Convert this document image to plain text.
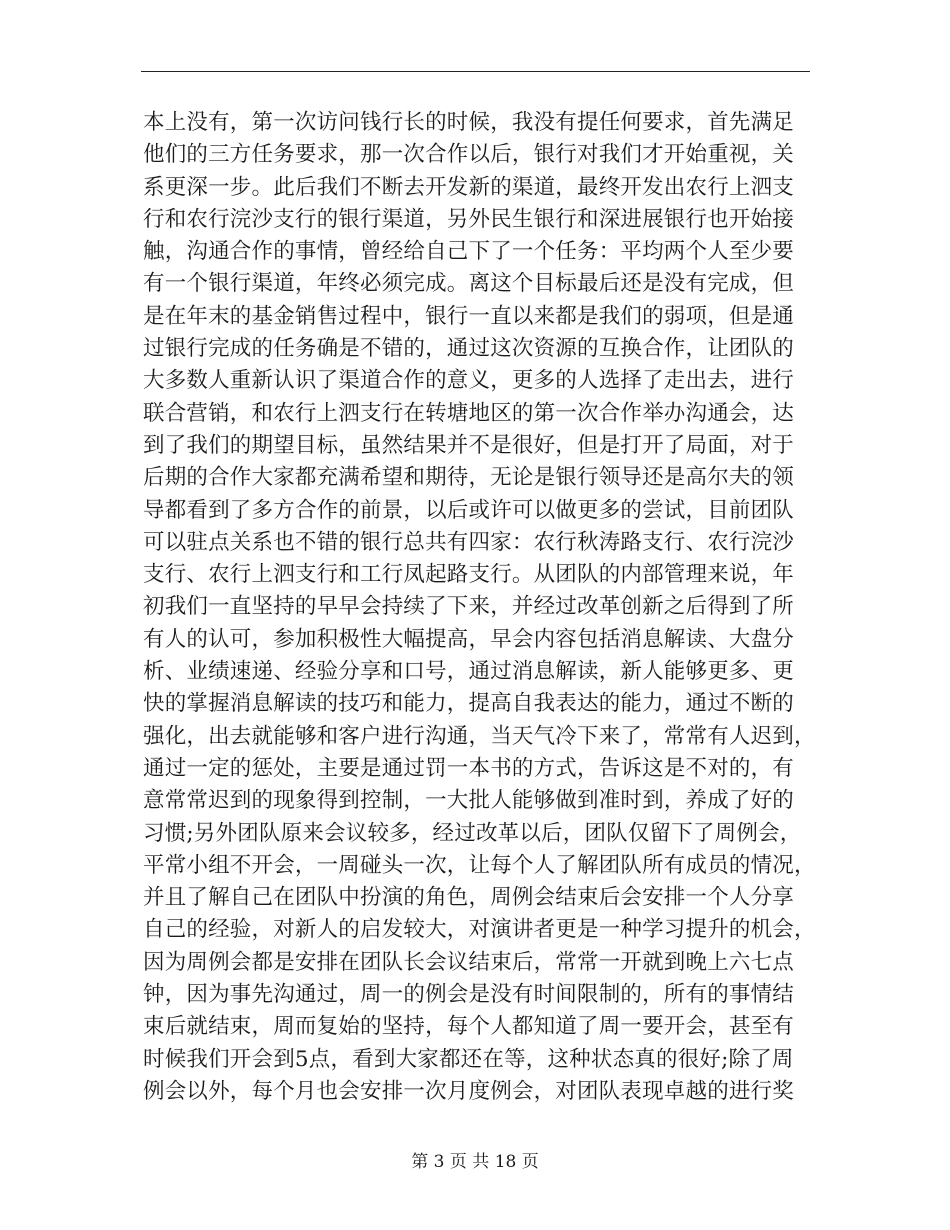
本上没有，第一次访问钱行长的时候，我没有提任何要求，首先满足
他们的三方任务要求，那一次合作以后，银行对我们才开始重视，关
系更深一步。此后我们不断去开发新的渠道，最终开发出农行上泗支
行和农行浣沙支行的银行渠道，另外民生银行和深进展银行也开始接
触，沟通合作的事情，曾经给自己下了一个任务：平均两个人至少要
有一个银行渠道，年终必须完成。离这个目标最后还是没有完成，但
是在年末的基金销售过程中，银行一直以来都是我们的弱项，但是通
过银行完成的任务确是不错的，通过这次资源的互换合作，让团队的
大多数人重新认识了渠道合作的意义，更多的人选择了走出去，进行
联合营销，和农行上泗支行在转塘地区的第一次合作举办沟通会，达
到了我们的期望目标，虽然结果并不是很好，但是打开了局面，对于
后期的合作大家都充满希望和期待，无论是银行领导还是高尔夫的领
导都看到了多方合作的前景，以后或许可以做更多的尝试，目前团队
可以驻点关系也不错的银行总共有四家：农行秋涛路支行、农行浣沙
支行、农行上泗支行和工行凤起路支行。从团队的内部管理来说，年
初我们一直坚持的早早会持续了下来，并经过改革创新之后得到了所
有人的认可，参加积极性大幅提高，早会内容包括消息解读、大盘分
析、业绩速递、经验分享和口号，通过消息解读，新人能够更多、更
快的掌握消息解读的技巧和能力，提高自我表达的能力，通过不断的
强化，出去就能够和客户进行沟通，当天气冷下来了，常常有人迟到，
通过一定的惩处，主要是通过罚一本书的方式，告诉这是不对的，有
意常常迟到的现象得到控制，一大批人能够做到准时到，养成了好的
习惯;另外团队原来会议较多，经过改革以后，团队仅留下了周例会，
平常小组不开会，一周碰头一次，让每个人了解团队所有成员的情况，
并且了解自己在团队中扮演的角色，周例会结束后会安排一个人分享
自己的经验，对新人的启发较大，对演讲者更是一种学习提升的机会，
因为周例会都是安排在团队长会议结束后，常常一开就到晚上六七点
钟，因为事先沟通过，周一的例会是没有时间限制的，所有的事情结
束后就结束，周而复始的坚持，每个人都知道了周一要开会，甚至有
时候我们开会到5点，看到大家都还在等，这种状态真的很好;除了周
例会以外，每个月也会安排一次月度例会，对团队表现卓越的进行奖
第 3 页 共 18 页
